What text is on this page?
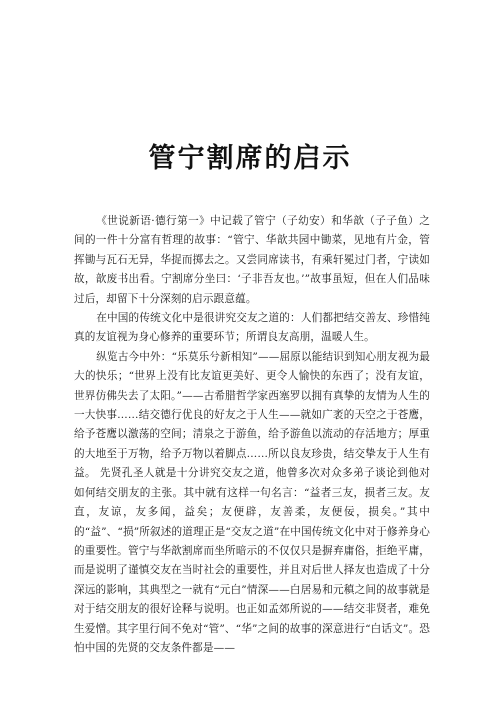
管宁割席的启示

《世说新语·德行第一》中记载了管宁（子幼安）和华歆（子子鱼）之间的一件十分富有哲理的故事：“管宁、华歆共园中锄菜，见地有片金，管挥锄与瓦石无异，华捉而掷去之。又尝同席读书，有乘轩冕过门者，宁读如故，歆废书出看。宁割席分坐曰：‘子非吾友也。’”故事虽短，但在人们品味过后，却留下十分深刻的启示跟意蕴。

在中国的传统文化中是很讲究交友之道的：人们都把结交善友、珍惜纯真的友谊视为身心修养的重要环节；所谓良友高朋，温暖人生。

纵览古今中外：“乐莫乐兮新相知”——屈原以能结识到知心朋友视为最大的快乐；“世界上没有比友谊更美好、更令人愉快的东西了；没有友谊，世界仿佛失去了太阳。”——古希腊哲学家西塞罗以拥有真挚的友情为人生的一大快事……结交德行优良的好友之于人生——就如广袤的天空之于苍鹰，给予苍鹰以激荡的空间；清泉之于游鱼，给予游鱼以流动的存活地方；厚重的大地至于万物，给予万物以着脚点……所以良友珍贵，结交挚友于人生有益。 先贤孔圣人就是十分讲究交友之道，他曾多次对众多弟子谈论到他对如何结交朋友的主张。其中就有这样一句名言：“益者三友，损者三友。友直，友谅，友多闻，益矣；友便辟，友善柔，友便佞，损矣。”其中的“益”、“损”所叙述的道理正是“交友之道”在中国传统文化中对于修养身心的重要性。管宁与华歆割席而坐所暗示的不仅仅只是摒弃庸俗，拒绝平庸，而是说明了谨慎交友在当时社会的重要性，并且对后世人择友也造成了十分深远的影响，其典型之一就有“元白”情深——白居易和元稹之间的故事就是对于结交朋友的很好诠释与说明。也正如孟郊所说的——结交非贤者，难免生爱憎。其字里行间不免对“管”、“华”之间的故事的深意进行“白话文”。恐怕中国的先贤的交友条件都是——
